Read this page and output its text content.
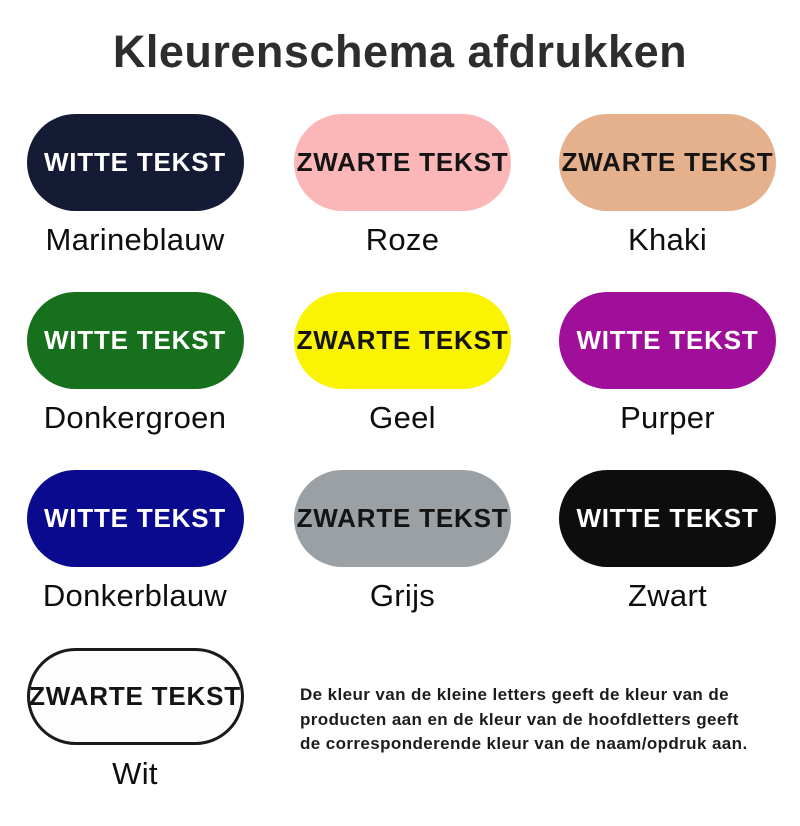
Kleurenschema afdrukken
WITTE TEKST
Marineblauw
ZWARTE TEKST
Roze
ZWARTE TEKST
Khaki
WITTE TEKST
Donkergroen
ZWARTE TEKST
Geel
WITTE TEKST
Purper
WITTE TEKST
Donkerblauw
ZWARTE TEKST
Grijs
WITTE TEKST
Zwart
ZWARTE TEKST
Wit

De kleur van de kleine letters geeft de kleur van de producten aan en de kleur van de hoofdletters geeft de corresponderende kleur van de naam/opdruk aan.
